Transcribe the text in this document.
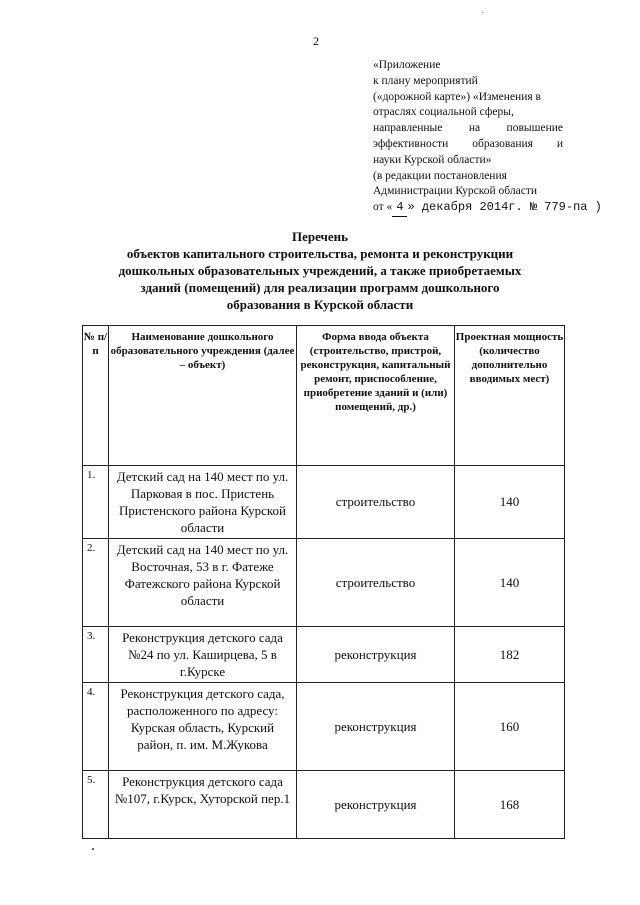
2
«Приложение
к плану мероприятий
(«дорожной карте») «Изменения в
отраслях социальной сферы,
направленные на повышение
эффективности образования и
науки Курской области»
(в редакции постановления
Администрации Курской области
от « 4 » декабря 2014г. № 779-па )
Перечень
объектов капитального строительства, ремонта и реконструкции
дошкольных образовательных учреждений, а также приобретаемых
зданий (помещений) для реализации программ дошкольного
образования в Курской области
№ п/п	Наименование дошкольного образовательного учреждения (далее – объект)	Форма ввода объекта (строительство, пристрой, реконструкция, капитальный ремонт, приспособление, приобретение зданий и (или) помещений, др.)	Проектная мощность (количество дополнительно вводимых мест)
1.	Детский сад на 140 мест по ул. Парковая в пос. Пристень Пристенского района Курской области	строительство	140
2.	Детский сад на 140 мест по ул. Восточная, 53 в г. Фатеже Фатежского района Курской области	строительство	140
3.	Реконструкция детского сада №24 по ул. Каширцева, 5 в г.Курске	реконструкция	182
4.	Реконструкция детского сада, расположенного по адресу: Курская область, Курский район, п. им. М.Жукова	реконструкция	160
5.	Реконструкция детского сада №107, г.Курск, Хуторской пер.1	реконструкция	168
